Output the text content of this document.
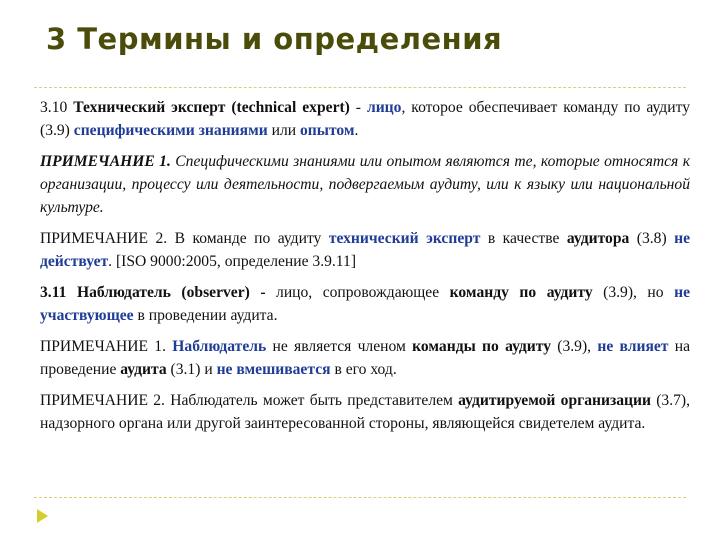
3 Термины и определения

3.10 Технический эксперт (technical expert) - лицо, которое обеспечивает команду по аудиту (3.9) специфическими знаниями или опытом.

ПРИМЕЧАНИЕ 1. Специфическими знаниями или опытом являются те, которые относятся к организации, процессу или деятельности, подвергаемым аудиту, или к языку или национальной культуре.

ПРИМЕЧАНИЕ 2. В команде по аудиту технический эксперт в качестве аудитора (3.8) не действует. [ISO 9000:2005, определение 3.9.11]

3.11 Наблюдатель (observer) - лицо, сопровождающее команду по аудиту (3.9), но не участвующее в проведении аудита.

ПРИМЕЧАНИЕ 1. Наблюдатель не является членом команды по аудиту (3.9), не влияет на проведение аудита (3.1) и не вмешивается в его ход.

ПРИМЕЧАНИЕ 2. Наблюдатель может быть представителем аудитируемой организации (3.7), надзорного органа или другой заинтересованной стороны, являющейся свидетелем аудита.
